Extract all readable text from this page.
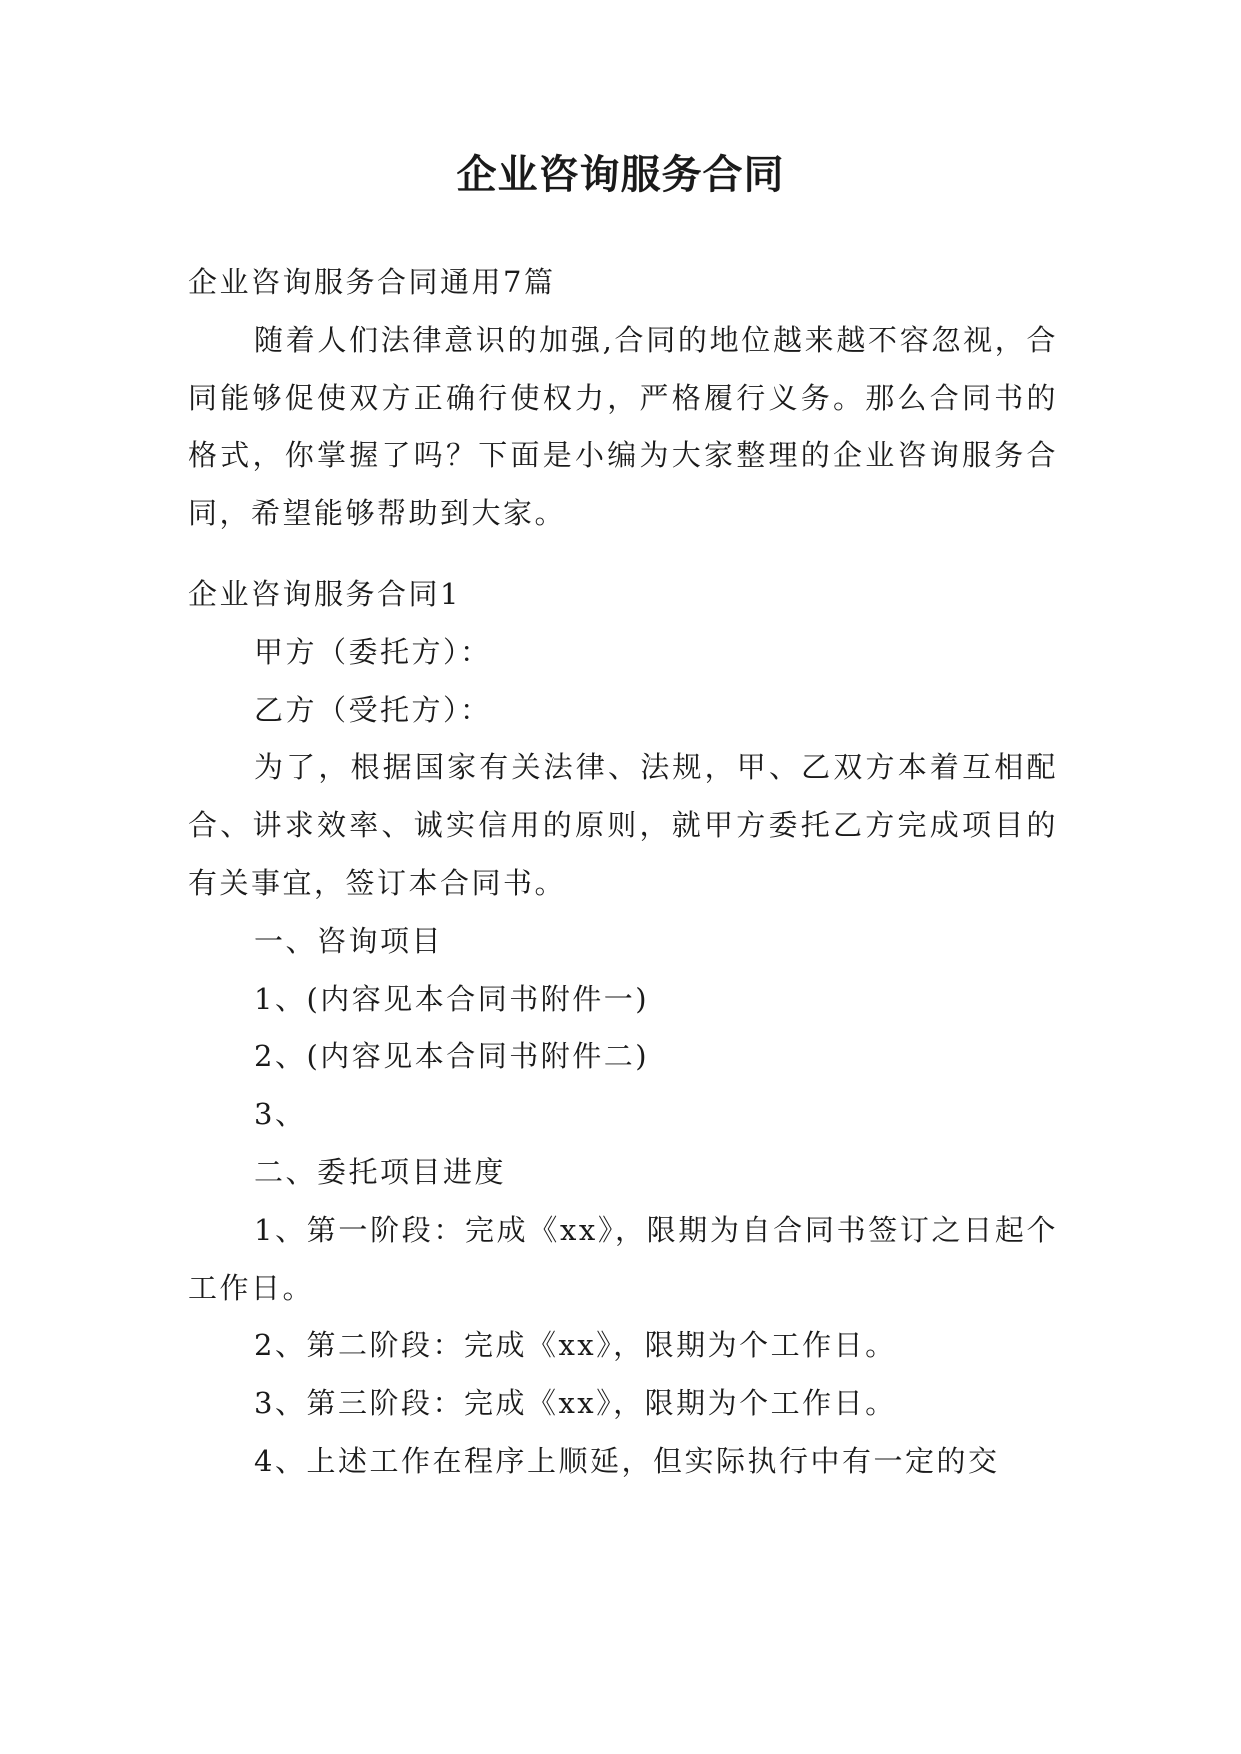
企业咨询服务合同

企业咨询服务合同通用7篇

随着人们法律意识的加强,合同的地位越来越不容忽视，合同能够促使双方正确行使权力，严格履行义务。那么合同书的格式，你掌握了吗？下面是小编为大家整理的企业咨询服务合同，希望能够帮助到大家。

企业咨询服务合同1

甲方（委托方）：

乙方（受托方）：

为了，根据国家有关法律、法规，甲、乙双方本着互相配合、讲求效率、诚实信用的原则，就甲方委托乙方完成项目的有关事宜，签订本合同书。

一、咨询项目

1、(内容见本合同书附件一)

2、(内容见本合同书附件二)

3、

二、委托项目进度

1、第一阶段：完成《xx》，限期为自合同书签订之日起个工作日。

2、第二阶段：完成《xx》，限期为个工作日。

3、第三阶段：完成《xx》，限期为个工作日。

4、上述工作在程序上顺延，但实际执行中有一定的交
